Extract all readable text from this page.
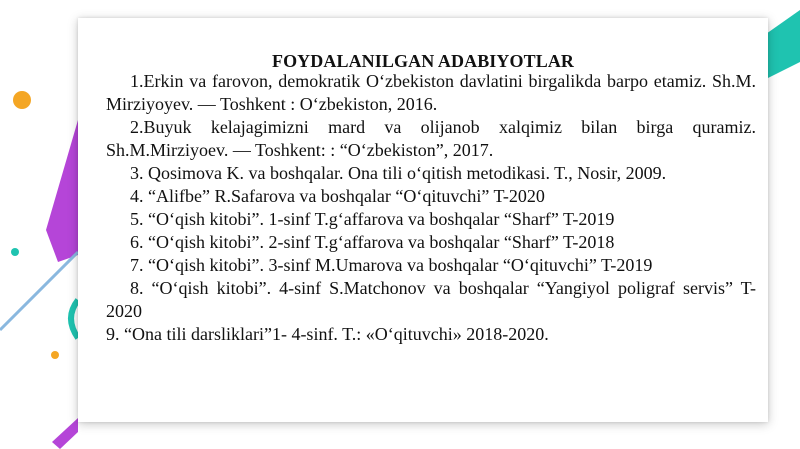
FOYDALANILGAN ADABIYOTLAR

1.Erkin va farovon, demokratik O‘zbekiston davlatini birgalikda barpo etamiz. Sh.M. Mirziyoyev. — Toshkent : O‘zbekiston, 2016.

2.Buyuk kelajagimizni mard va olijanob xalqimiz bilan birga quramiz. Sh.M.Mirziyoev. — Toshkent: : “O‘zbekiston”, 2017.

3. Qosimova K. va boshqalar. Ona tili o‘qitish metodikasi. T., Nosir, 2009.

4. “Alifbe” R.Safarova va boshqalar “O‘qituvchi” T-2020

5. “O‘qish kitobi”. 1-sinf T.g‘affarova va boshqalar “Sharf” T-2019

6. “O‘qish kitobi”. 2-sinf T.g‘affarova va boshqalar “Sharf” T-2018

7. “O‘qish kitobi”. 3-sinf M.Umarova va boshqalar “O‘qituvchi” T-2019

8. “O‘qish kitobi”. 4-sinf S.Matchonov va boshqalar “Yangiyol poligraf servis” T-2020

9. “Ona tili darsliklari”1- 4-sinf. T.: «O‘qituvchi» 2018-2020.
